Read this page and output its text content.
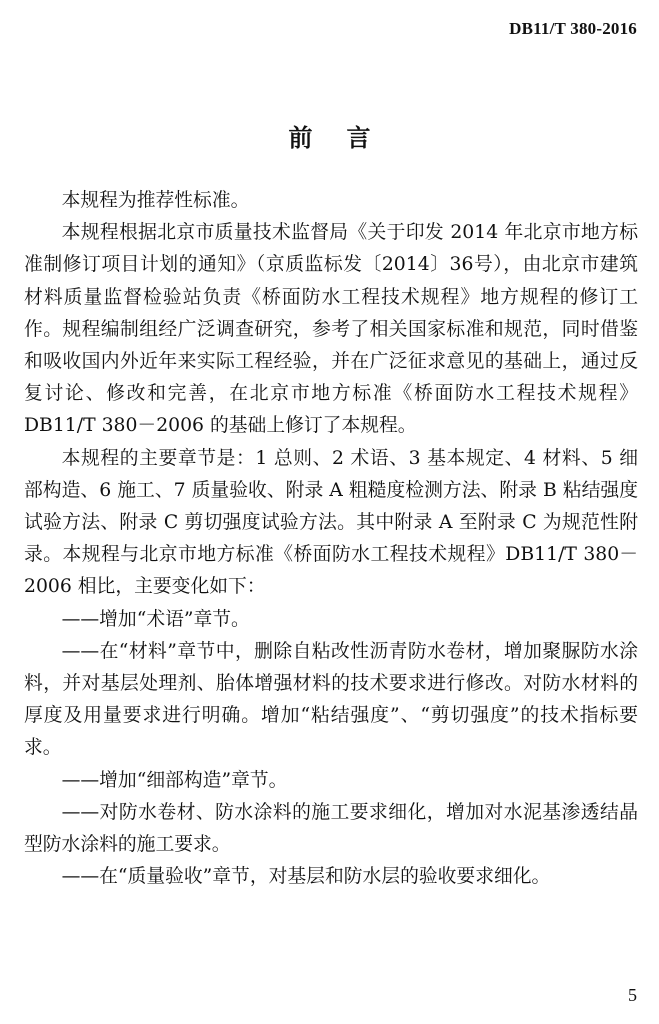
DB11/T 380-2016
前言

本规程为推荐性标准。

本规程根据北京市质量技术监督局《关于印发 2014 年北京市地方标准制修订项目计划的通知》（京质监标发〔2014〕36号），由北京市建筑材料质量监督检验站负责《桥面防水工程技术规程》地方规程的修订工作。规程编制组经广泛调查研究，参考了相关国家标准和规范，同时借鉴和吸收国内外近年来实际工程经验，并在广泛征求意见的基础上，通过反复讨论、修改和完善，在北京市地方标准《桥面防水工程技术规程》DB11/T 380－2006 的基础上修订了本规程。

本规程的主要章节是：1 总则、2 术语、3 基本规定、4 材料、5 细部构造、6 施工、7 质量验收、附录 A 粗糙度检测方法、附录 B 粘结强度试验方法、附录 C 剪切强度试验方法。其中附录 A 至附录 C 为规范性附录。本规程与北京市地方标准《桥面防水工程技术规程》DB11/T 380－2006 相比，主要变化如下：

——增加“术语”章节。

——在“材料”章节中，删除自粘改性沥青防水卷材，增加聚脲防水涂料，并对基层处理剂、胎体增强材料的技术要求进行修改。对防水材料的厚度及用量要求进行明确。增加“粘结强度”、“剪切强度”的技术指标要求。

——增加“细部构造”章节。

——对防水卷材、防水涂料的施工要求细化，增加对水泥基渗透结晶型防水涂料的施工要求。

——在“质量验收”章节，对基层和防水层的验收要求细化。

5
